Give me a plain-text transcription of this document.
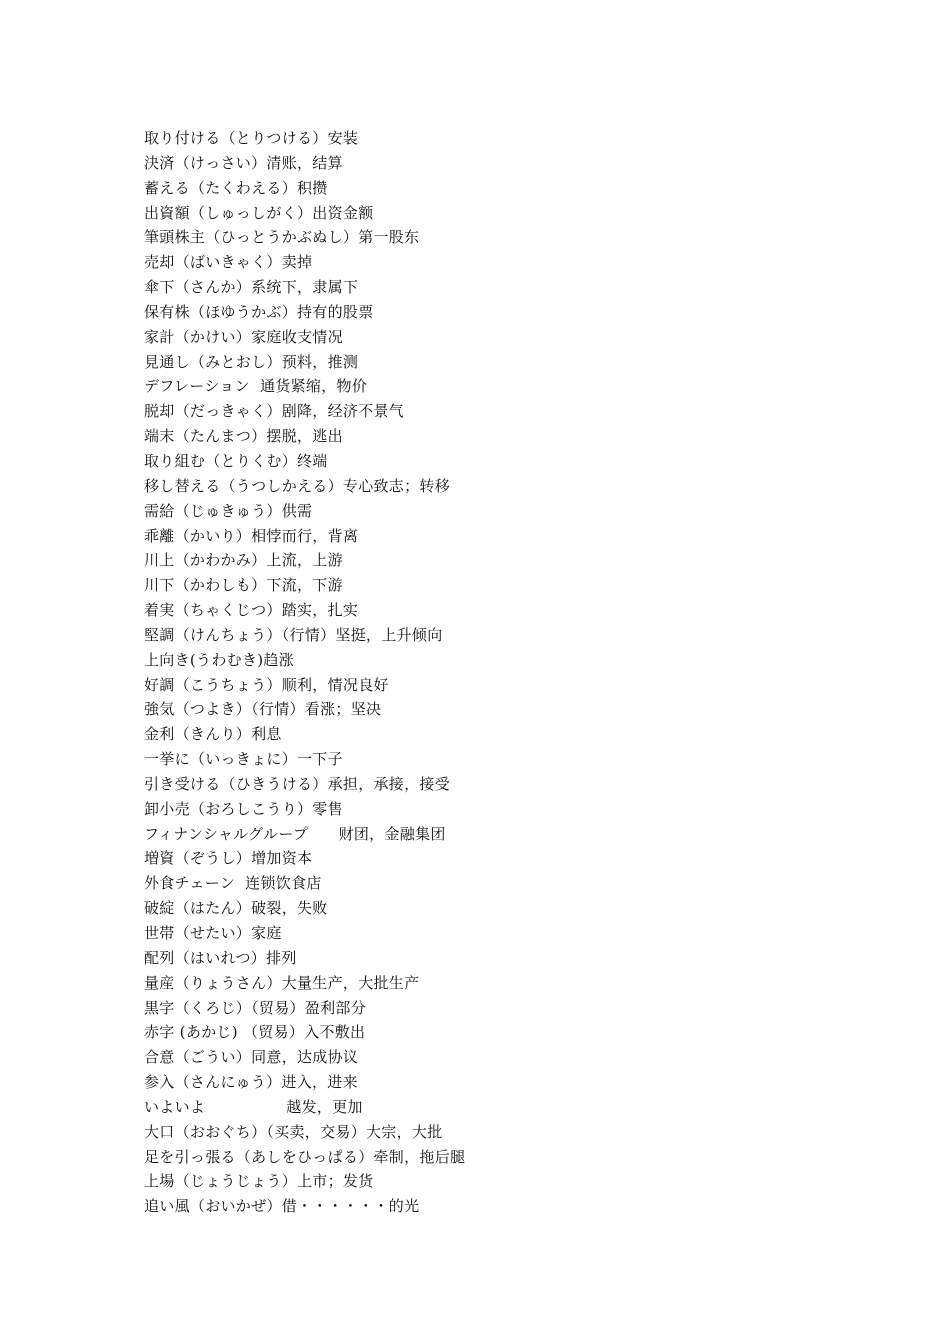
取り付ける（とりつける）安装
決済（けっさい）清账，结算
蓄える（たくわえる）积攒
出資額（しゅっしがく）出资金额
筆頭株主（ひっとうかぶぬし）第一股东
売却（ばいきゃく）卖掉
傘下（さんか）系统下，隶属下
保有株（ほゆうかぶ）持有的股票
家計（かけい）家庭收支情况
見通し（みとおし）预料，推测
デフレーション  通货紧缩，物价
脱却（だっきゃく）剧降，经济不景气
端末（たんまつ）摆脱，逃出
取り組む（とりくむ）终端
移し替える（うつしかえる）专心致志；转移
需給（じゅきゅう）供需
乖離（かいり）相悖而行，背离
川上（かわかみ）上流，上游
川下（かわしも）下流，下游
着実（ちゃくじつ）踏实，扎实
堅調（けんちょう）（行情）坚挺，上升倾向
上向き(うわむき)趋涨
好調（こうちょう）顺利，情况良好
強気（つよき）（行情）看涨；坚决
金利（きんり）利息
一挙に（いっきょに）一下子
引き受ける（ひきうける）承担，承接，接受
卸小売（おろしこうり）零售
フィナンシャルグループ      财团，金融集团
増資（ぞうし）增加资本
外食チェーン  连锁饮食店
破綻（はたん）破裂，失败
世帯（せたい）家庭
配列（はいれつ）排列
量産（りょうさん）大量生产，大批生产
黒字（くろじ）（贸易）盈利部分
赤字 (あかじ) （贸易）入不敷出
合意（ごうい）同意，达成协议
参入（さんにゅう）进入，进来
いよいよ                越发，更加
大口（おおぐち）（买卖，交易）大宗，大批
足を引っ張る（あしをひっぱる）牵制，拖后腿
上場（じょうじょう）上市；发货
追い風（おいかぜ）借・・・・・・的光
